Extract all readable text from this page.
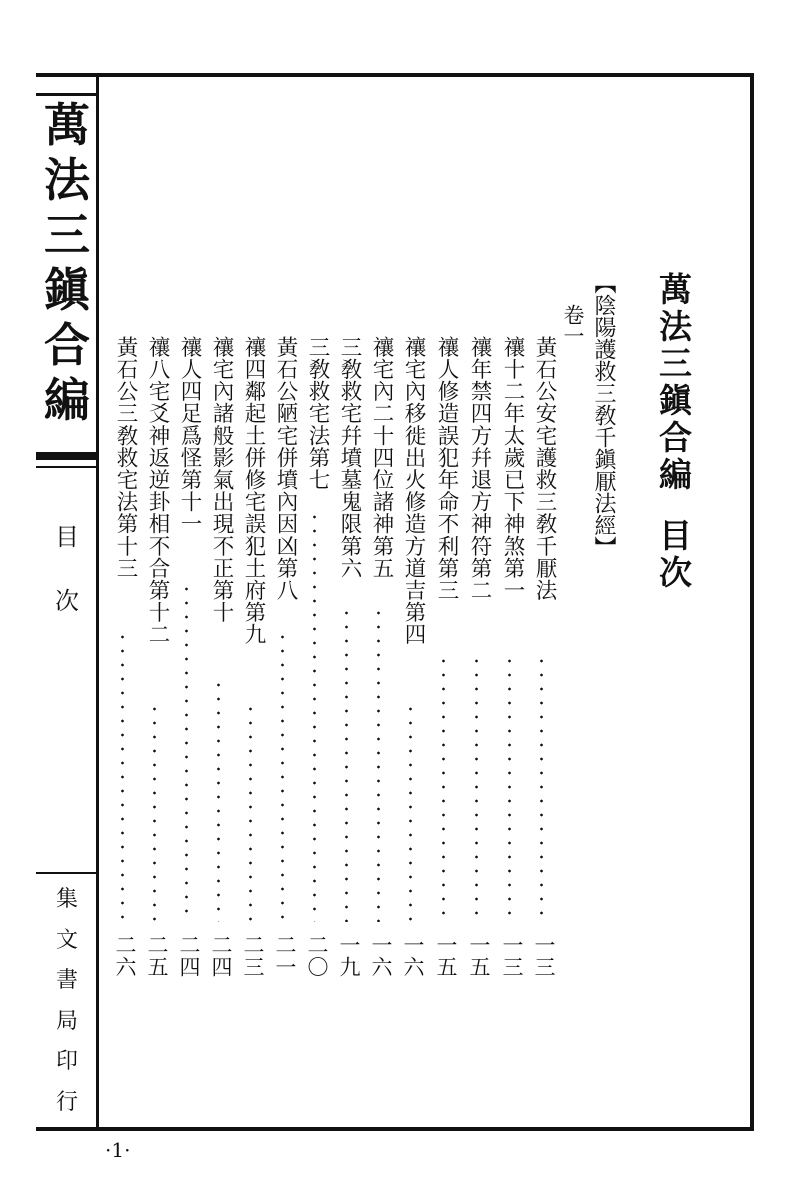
萬
法
三
鎭
合
編
目
次
集
文
書
局
印
行
萬法三鎭合編目次
【陰陽護救三敎千鎭厭法經】
卷一
黃石公安宅護救三敎千厭法
一三
禳十二年太歲已下神煞第一
一三
禳年禁四方幷退方神符第二
一五
禳人修造誤犯年命不利第三
一五
禳宅內移徙出火修造方道吉第四
一六
禳宅內二十四位諸神第五
一六
三敎救宅幷墳墓鬼限第六
一九
三敎救宅法第七
二〇
黃石公陋宅併墳內因凶第八
二一
禳四鄰起土併修宅誤犯土府第九
二三
禳宅內諸般影氣出現不正第十
二四
禳人四足爲怪第十一
二四
禳八宅爻神返逆卦相不合第十二
二五
黃石公三敎救宅法第十三
二六
·1·
